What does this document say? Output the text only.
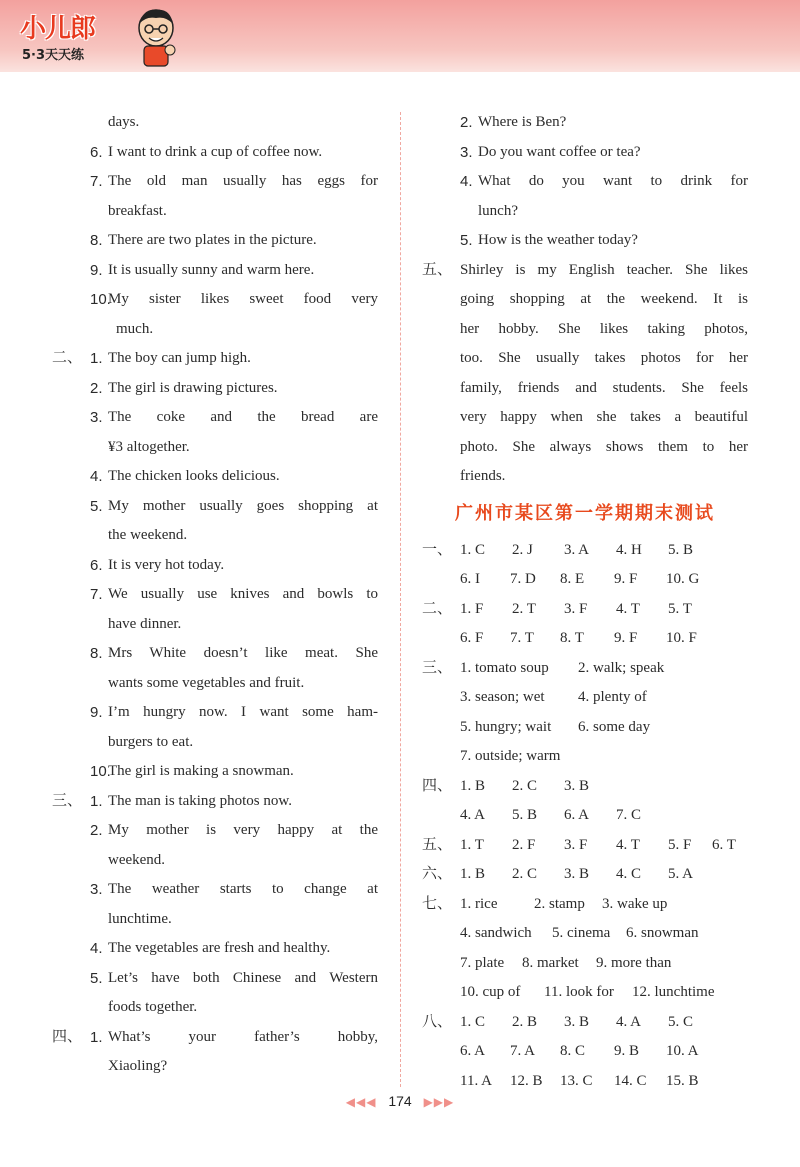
小儿郎
5·3天天练
days.
6. I want to drink a cup of coffee now.
7. The old man usually has eggs for
breakfast.
8. There are two plates in the picture.
9. It is usually sunny and warm here.
10.
My sister likes sweet food very
much.
二、 1. The boy can jump high.
2. The girl is drawing pictures.
3. The coke and the bread are
¥3 altogether.
4. The chicken looks delicious.
5. My mother usually goes shopping at
the weekend.
6. It is very hot today.
7. We usually use knives and bowls to
have dinner.
8. Mrs White doesn’t like meat. She
wants some vegetables and fruit.
9. I’m hungry now. I want some ham-
burgers to eat.
10.
The girl is making a snowman.
三、 1. The man is taking photos now.
2. My mother is very happy at the
weekend.
3. The weather starts to change at
lunchtime.
4. The vegetables are fresh and healthy.
5. Let’s have both Chinese and Western
foods together.
四、 1. What’s your father’s hobby,
Xiaoling?
2. Where is Ben?
3. Do you want coffee or tea?
4. What do you want to drink for
lunch?
5. How is the weather today?
五、 Shirley is my English teacher. She likes
going shopping at the weekend. It is
her hobby. She likes taking photos,
too. She usually takes photos for her
family, friends and students. She feels
very happy when she takes a beautiful
photo. She always shows them to her
friends.
广州市某区第一学期期末测试
一、 1. C 2. J 3. A 4. H 5. B
6. I 7. D 8. E 9. F 10. G
二、 1. F 2. T 3. F 4. T 5. T
6. F 7. T 8. T 9. F 10. F
三、 1. tomato soup 2. walk; speak
3. season; wet 4. plenty of
5. hungry; wait 6. some day
7. outside; warm
四、 1. B 2. C 3. B
4. A 5. B 6. A 7. C
五、 1. T 2. F 3. F 4. T 5. F 6. T
六、 1. B 2. C 3. B 4. C 5. A
七、 1. rice 2. stamp 3. wake up
4. sandwich 5. cinema 6. snowman
7. plate 8. market 9. more than
10. cup of 11. look for 12. lunchtime
八、 1. C 2. B 3. B 4. A 5. C
6. A 7. A 8. C 9. B 10. A
11. A 12. B 13. C 14. C 15. B
◀◀◀ 174 ▶▶▶
